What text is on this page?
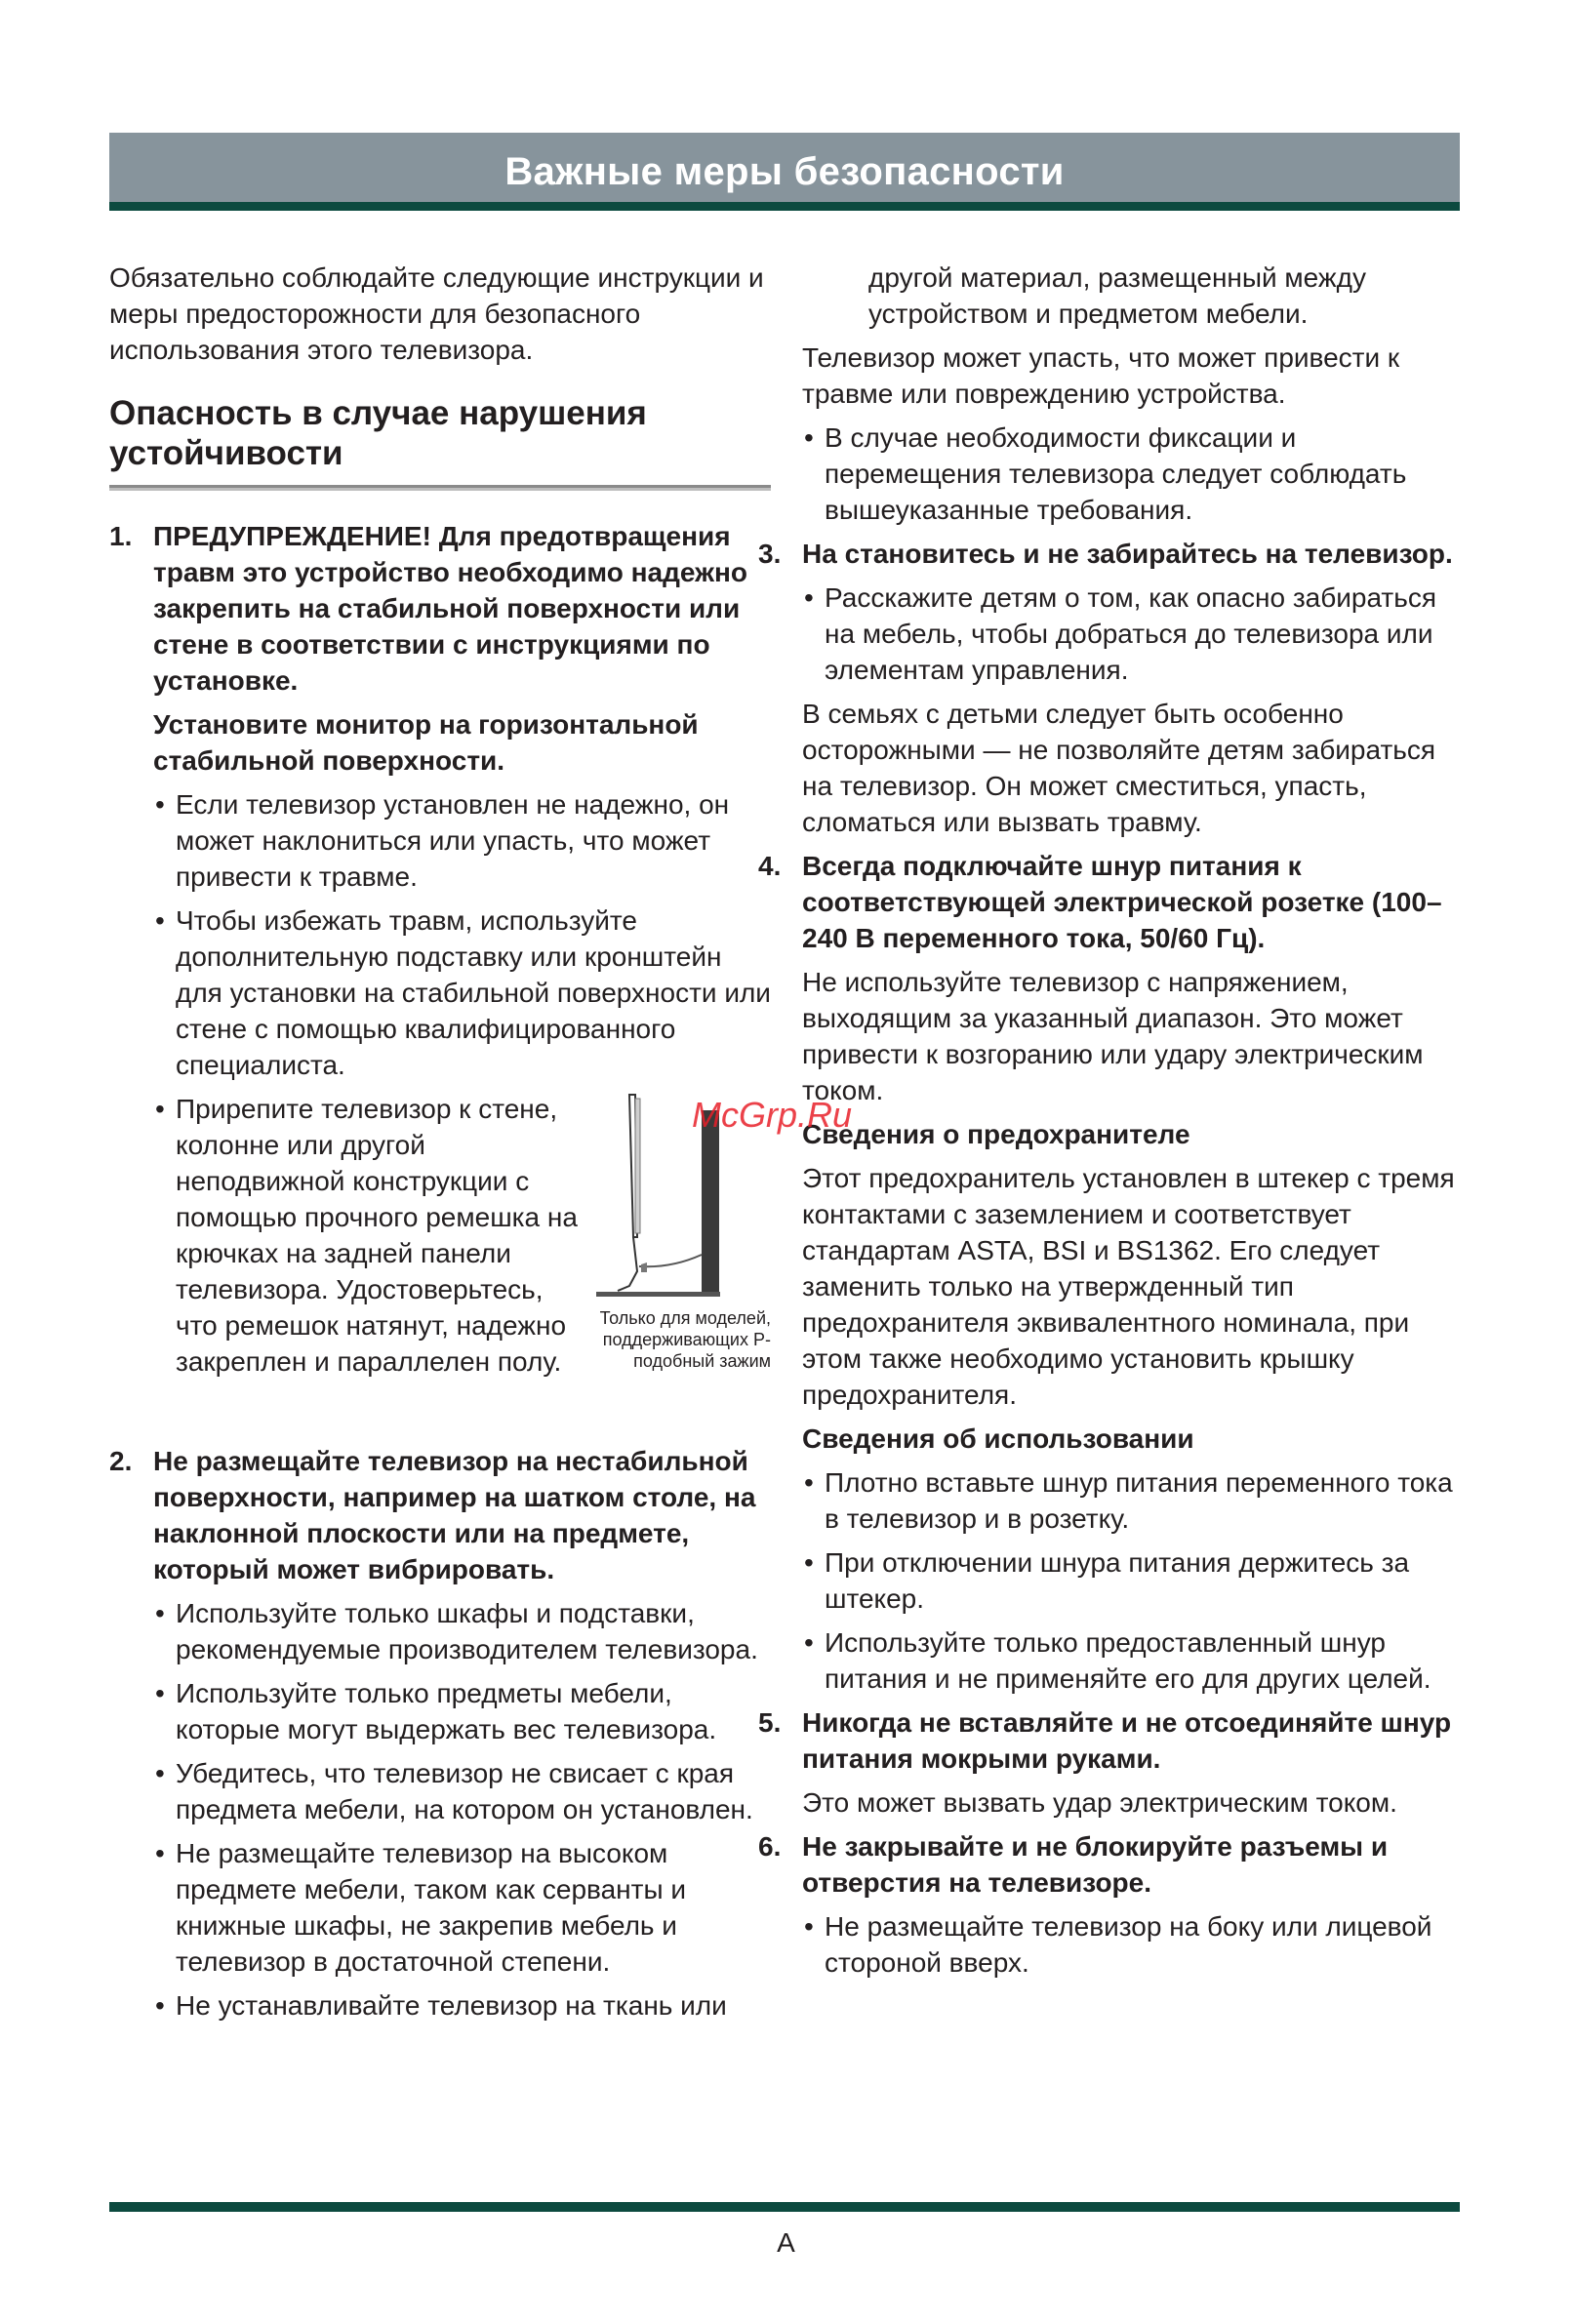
Важные меры безопасности

Обязательно соблюдайте следующие инструкции и меры предосторожности для безопасного использования этого телевизора.

Опасность в случае нарушения устойчивости
1. ПРЕДУПРЕЖДЕНИЕ! Для предотвращения травм это устройство необходимо надежно закрепить на стабильной поверхности или стене в соответствии с инструкциями по установке.

Установите монитор на горизонтальной стабильной поверхности.

• Если телевизор установлен не надежно, он может наклониться или упасть, что может привести к травме.
• Чтобы избежать травм, используйте дополнительную подставку или кронштейн для установки на стабильной поверхности или стене с помощью квалифицированного специалиста.
• Прирепите телевизор к стене, колонне или другой неподвижной конструкции с помощью прочного ремешка на крючках на задней панели телевизора. Удостоверьтесь, что ремешок натянут, надежно закреплен и параллелен полу.
Только для моделей, поддерживающих Р-подобный зажим
2. Не размещайте телевизор на нестабильной поверхности, например на шатком столе, на наклонной плоскости или на предмете, который может вибрировать.

• Используйте только шкафы и подставки, рекомендуемые производителем телевизора.
• Используйте только предметы мебели, которые могут выдержать вес телевизора.
• Убедитесь, что телевизор не свисает с края предмета мебели, на котором он установлен.
• Не размещайте телевизор на высоком предмете мебели, таком как серванты и книжные шкафы, не закрепив мебель и телевизор в достаточной степени.
• Не устанавливайте телевизор на ткань или

другой материал, размещенный между устройством и предметом мебели.

Телевизор может упасть, что может привести к травме или повреждению устройства.

• В случае необходимости фиксации и перемещения телевизора следует соблюдать вышеуказанные требования.
3. На становитесь и не забирайтесь на телевизор.

• Расскажите детям о том, как опасно забираться на мебель, чтобы добраться до телевизора или элементам управления.

В семьях с детьми следует быть особенно осторожными — не позволяйте детям забираться на телевизор. Он может сместиться, упасть, сломаться или вызвать травму.

4. Всегда подключайте шнур питания к соответствующей электрической розетке (100–240 В переменного тока, 50/60 Гц).

Не используйте телевизор с напряжением, выходящим за указанный диапазон. Это может привести к возгоранию или удару электрическим током.

Сведения о предохранителе

Этот предохранитель установлен в штекер с тремя контактами с заземлением и соответствует стандартам ASTA, BSI и BS1362. Его следует заменить только на утвержденный тип предохранителя эквивалентного номинала, при этом также необходимо установить крышку предохранителя.

Сведения об использовании

• Плотно вставьте шнур питания переменного тока в телевизор и в розетку.
• При отключении шнура питания держитесь за штекер.
• Используйте только предоставленный шнур питания и не применяйте его для других целей.
5. Никогда не вставляйте и не отсоединяйте шнур питания мокрыми руками.

Это может вызвать удар электрическим током.

6. Не закрывайте и не блокируйте разъемы и отверстия на телевизоре.

• Не размещайте телевизор на боку или лицевой стороной вверх.
McGrp.Ru
A
